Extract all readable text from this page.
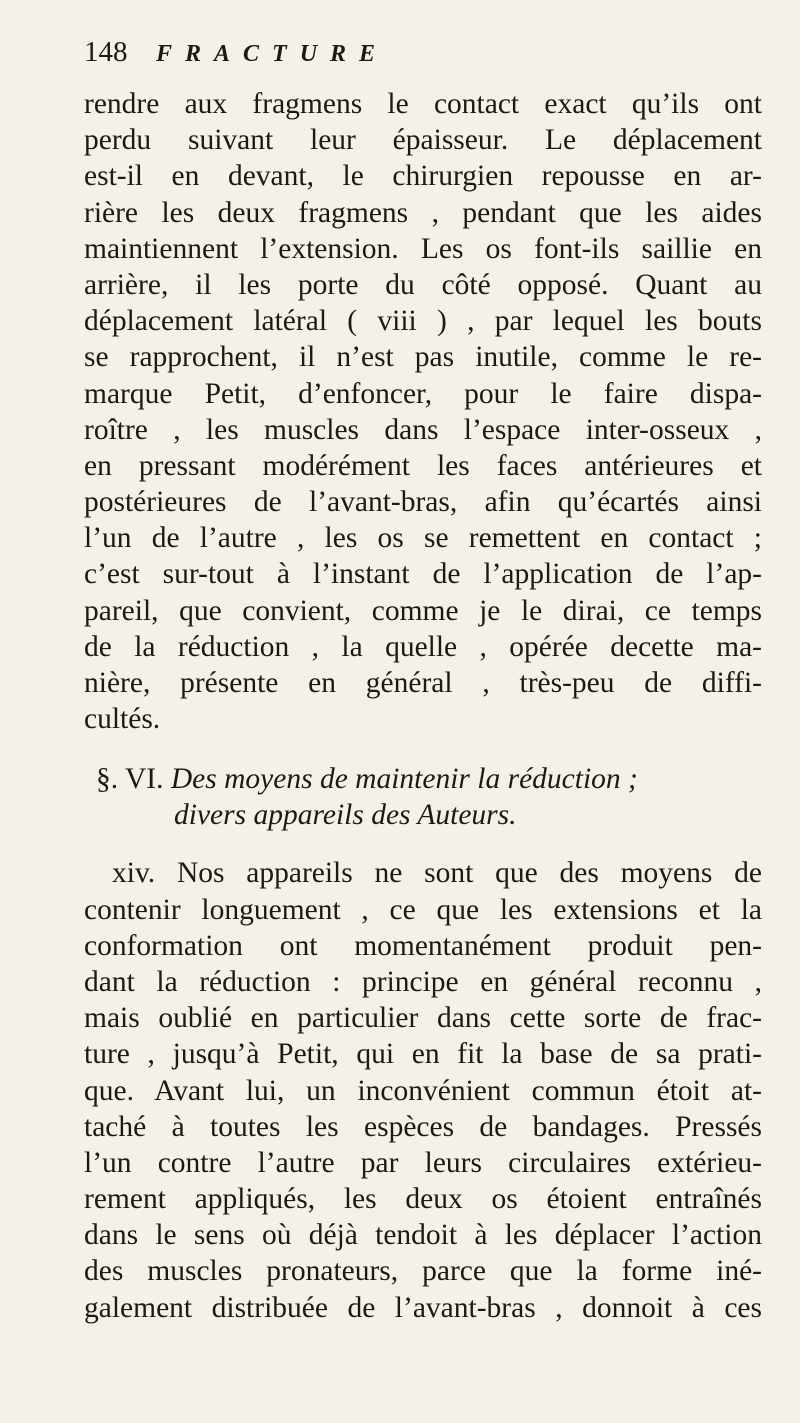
148	FRACTURE
rendre aux fragmens le contact exact qu’ils ont
perdu suivant leur épaisseur. Le déplacement
est-il en devant, le chirurgien repousse en ar-
rière les deux fragmens , pendant que les aides
maintiennent l’extension. Les os font-ils saillie en
arrière, il les porte du côté opposé. Quant au
déplacement latéral ( viii ) , par lequel les bouts
se rapprochent, il n’est pas inutile, comme le re-
marque Petit, d’enfoncer, pour le faire dispa-
roître , les muscles dans l’espace inter-osseux ,
en pressant modérément les faces antérieures et
postérieures de l’avant-bras, afin qu’écartés ainsi
l’un de l’autre , les os se remettent en contact ;
c’est sur-tout à l’instant de l’application de l’ap-
pareil, que convient, comme je le dirai, ce temps
de la réduction , la quelle , opérée decette ma-
nière, présente en général , très-peu de diffi-
cultés.
§. VI. Des moyens de maintenir la réduction ;
divers appareils des Auteurs.
xiv. Nos appareils ne sont que des moyens de
contenir longuement , ce que les extensions et la
conformation ont momentanément produit pen-
dant la réduction : principe en général reconnu ,
mais oublié en particulier dans cette sorte de frac-
ture , jusqu’à Petit, qui en fit la base de sa prati-
que. Avant lui, un inconvénient commun étoit at-
taché à toutes les espèces de bandages. Pressés
l’un contre l’autre par leurs circulaires extérieu-
rement appliqués, les deux os étoient entraînés
dans le sens où déjà tendoit à les déplacer l’action
des muscles pronateurs, parce que la forme iné-
galement distribuée de l’avant-bras , donnoit à ces
